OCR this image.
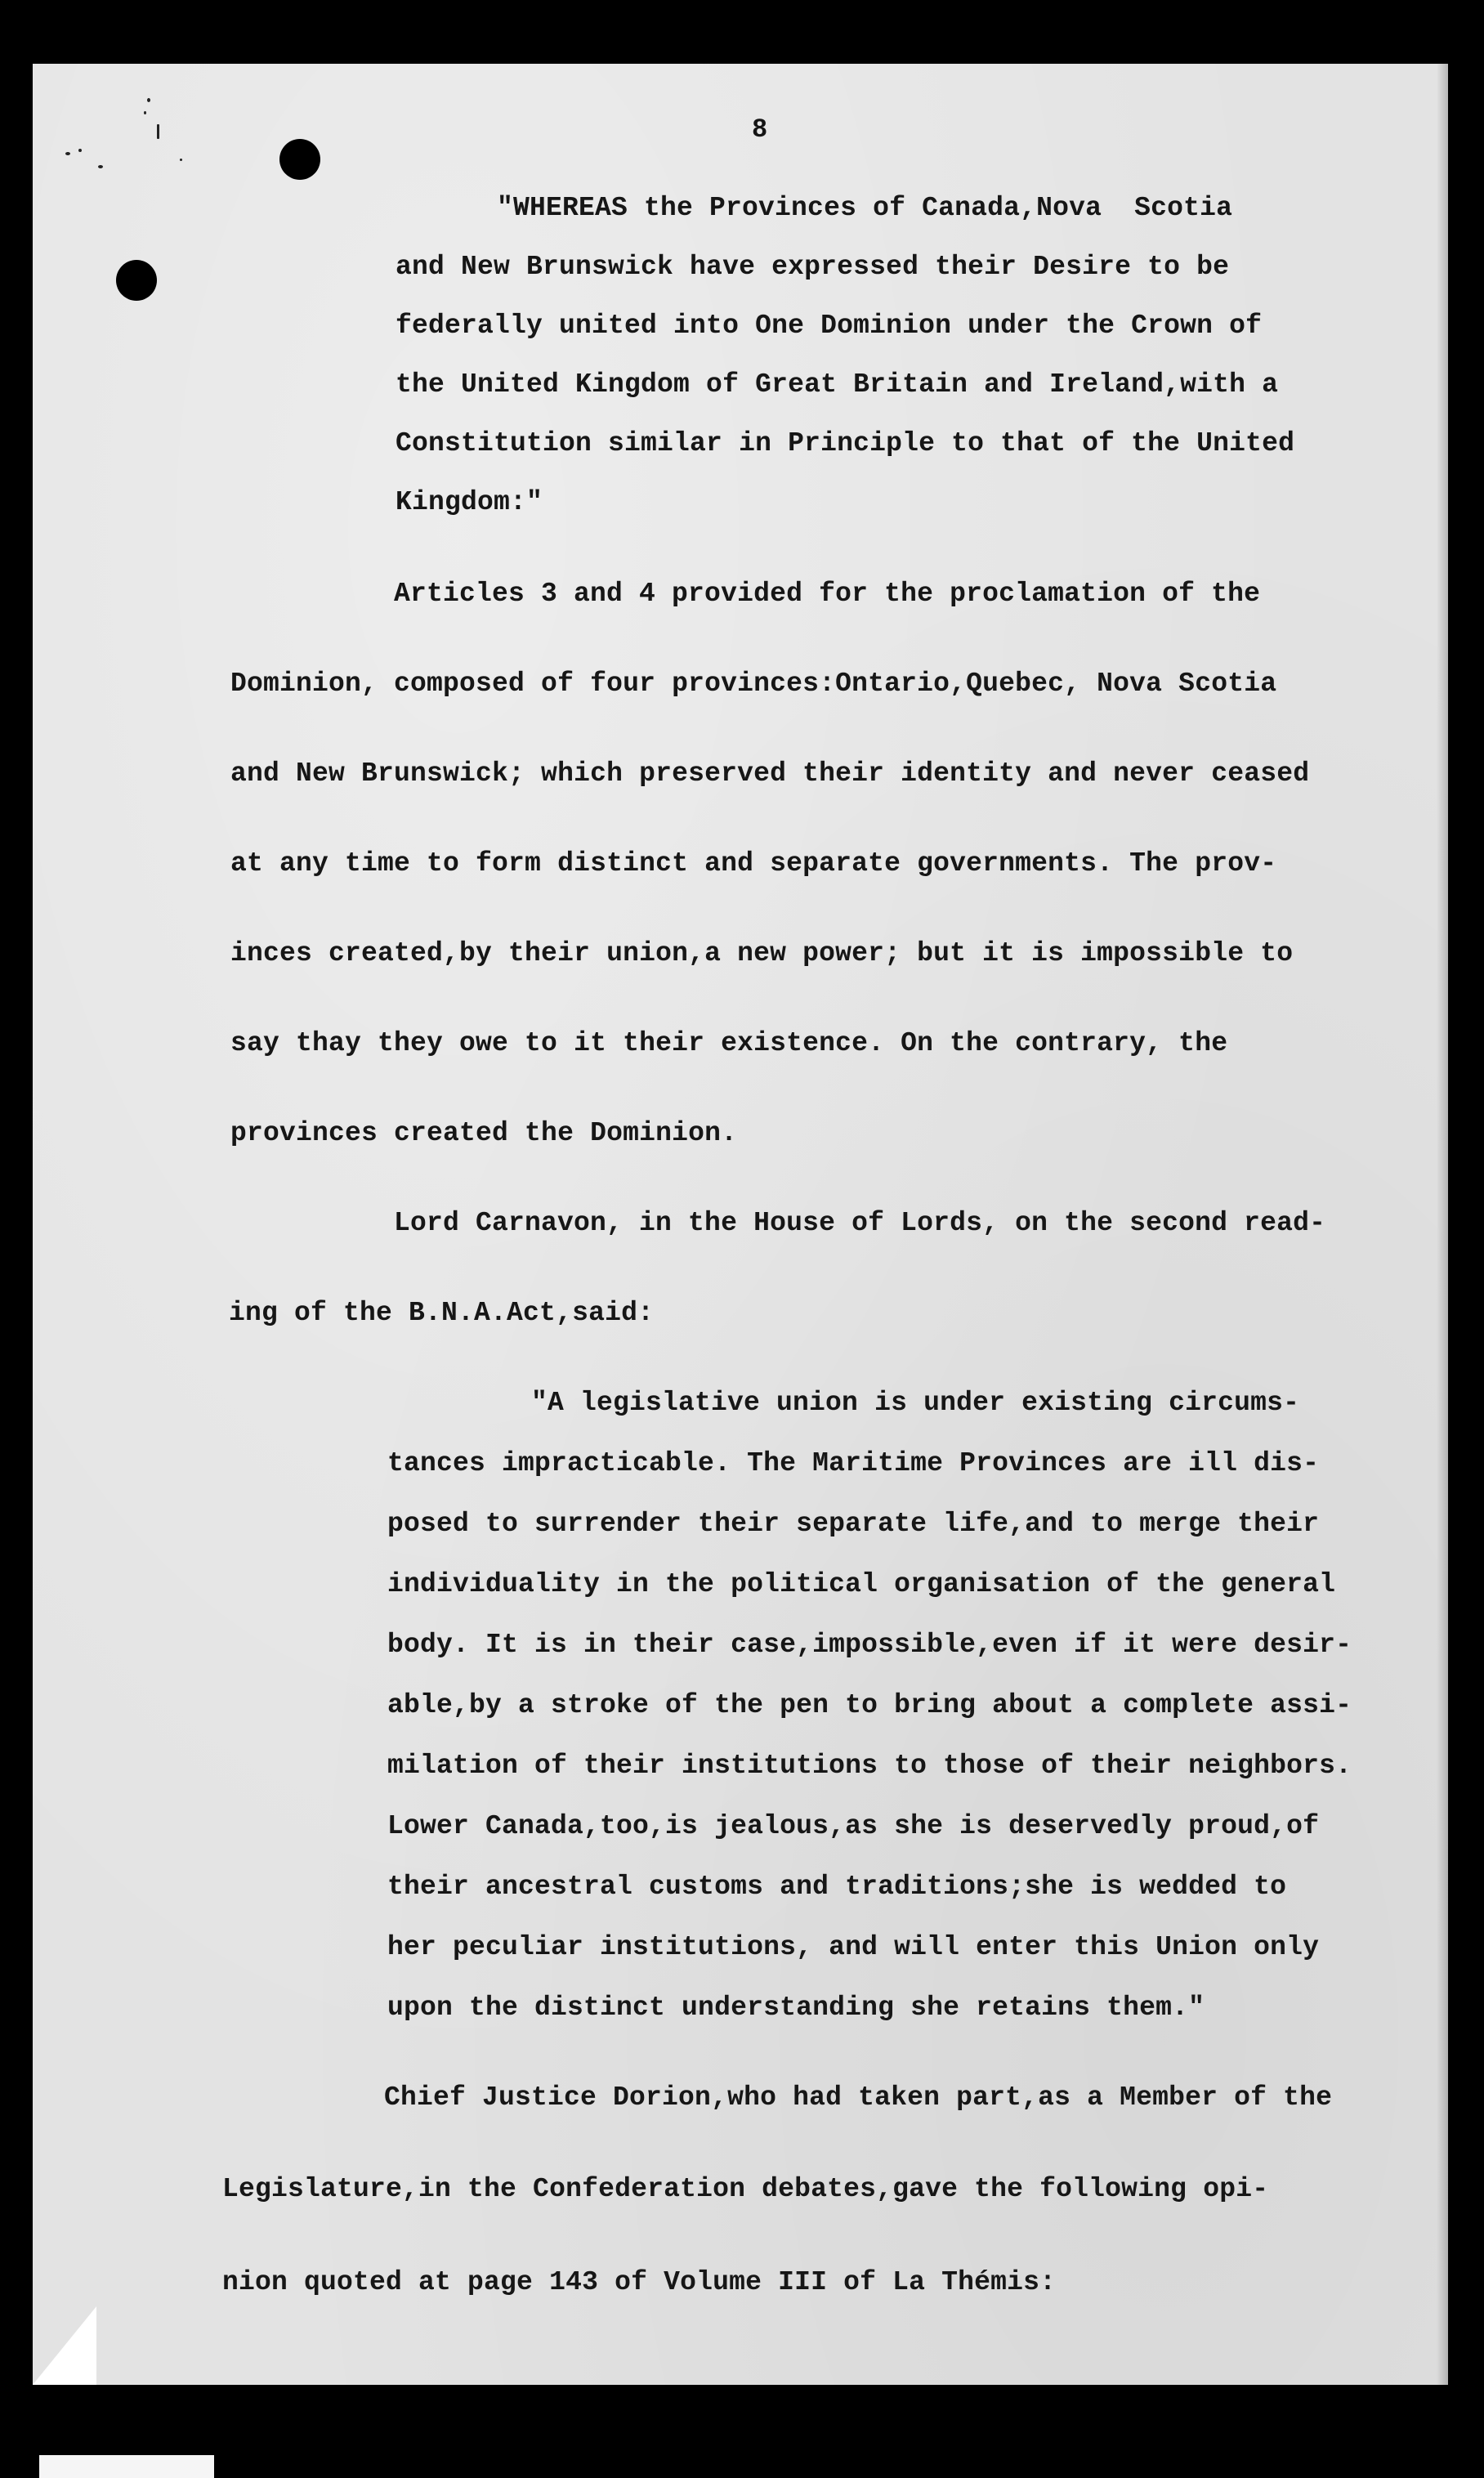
8
"WHEREAS the Provinces of Canada,Nova  Scotia
and New Brunswick have expressed their Desire to be
federally united into One Dominion under the Crown of
the United Kingdom of Great Britain and Ireland,with a
Constitution similar in Principle to that of the United
Kingdom:"
Articles 3 and 4 provided for the proclamation of the
Dominion, composed of four provinces:Ontario,Quebec, Nova Scotia
and New Brunswick; which preserved their identity and never ceased
at any time to form distinct and separate governments. The prov-
inces created,by their union,a new power; but it is impossible to
say thay they owe to it their existence. On the contrary, the
provinces created the Dominion.
Lord Carnavon, in the House of Lords, on the second read-
ing of the B.N.A.Act,said:
"A legislative union is under existing circums-
tances impracticable. The Maritime Provinces are ill dis-
posed to surrender their separate life,and to merge their
individuality in the political organisation of the general
body. It is in their case,impossible,even if it were desir-
able,by a stroke of the pen to bring about a complete assi-
milation of their institutions to those of their neighbors.
Lower Canada,too,is jealous,as she is deservedly proud,of
their ancestral customs and traditions;she is wedded to
her peculiar institutions, and will enter this Union only
upon the distinct understanding she retains them."
Chief Justice Dorion,who had taken part,as a Member of the
Legislature,in the Confederation debates,gave the following opi-
nion quoted at page 143 of Volume III of La Thémis:
